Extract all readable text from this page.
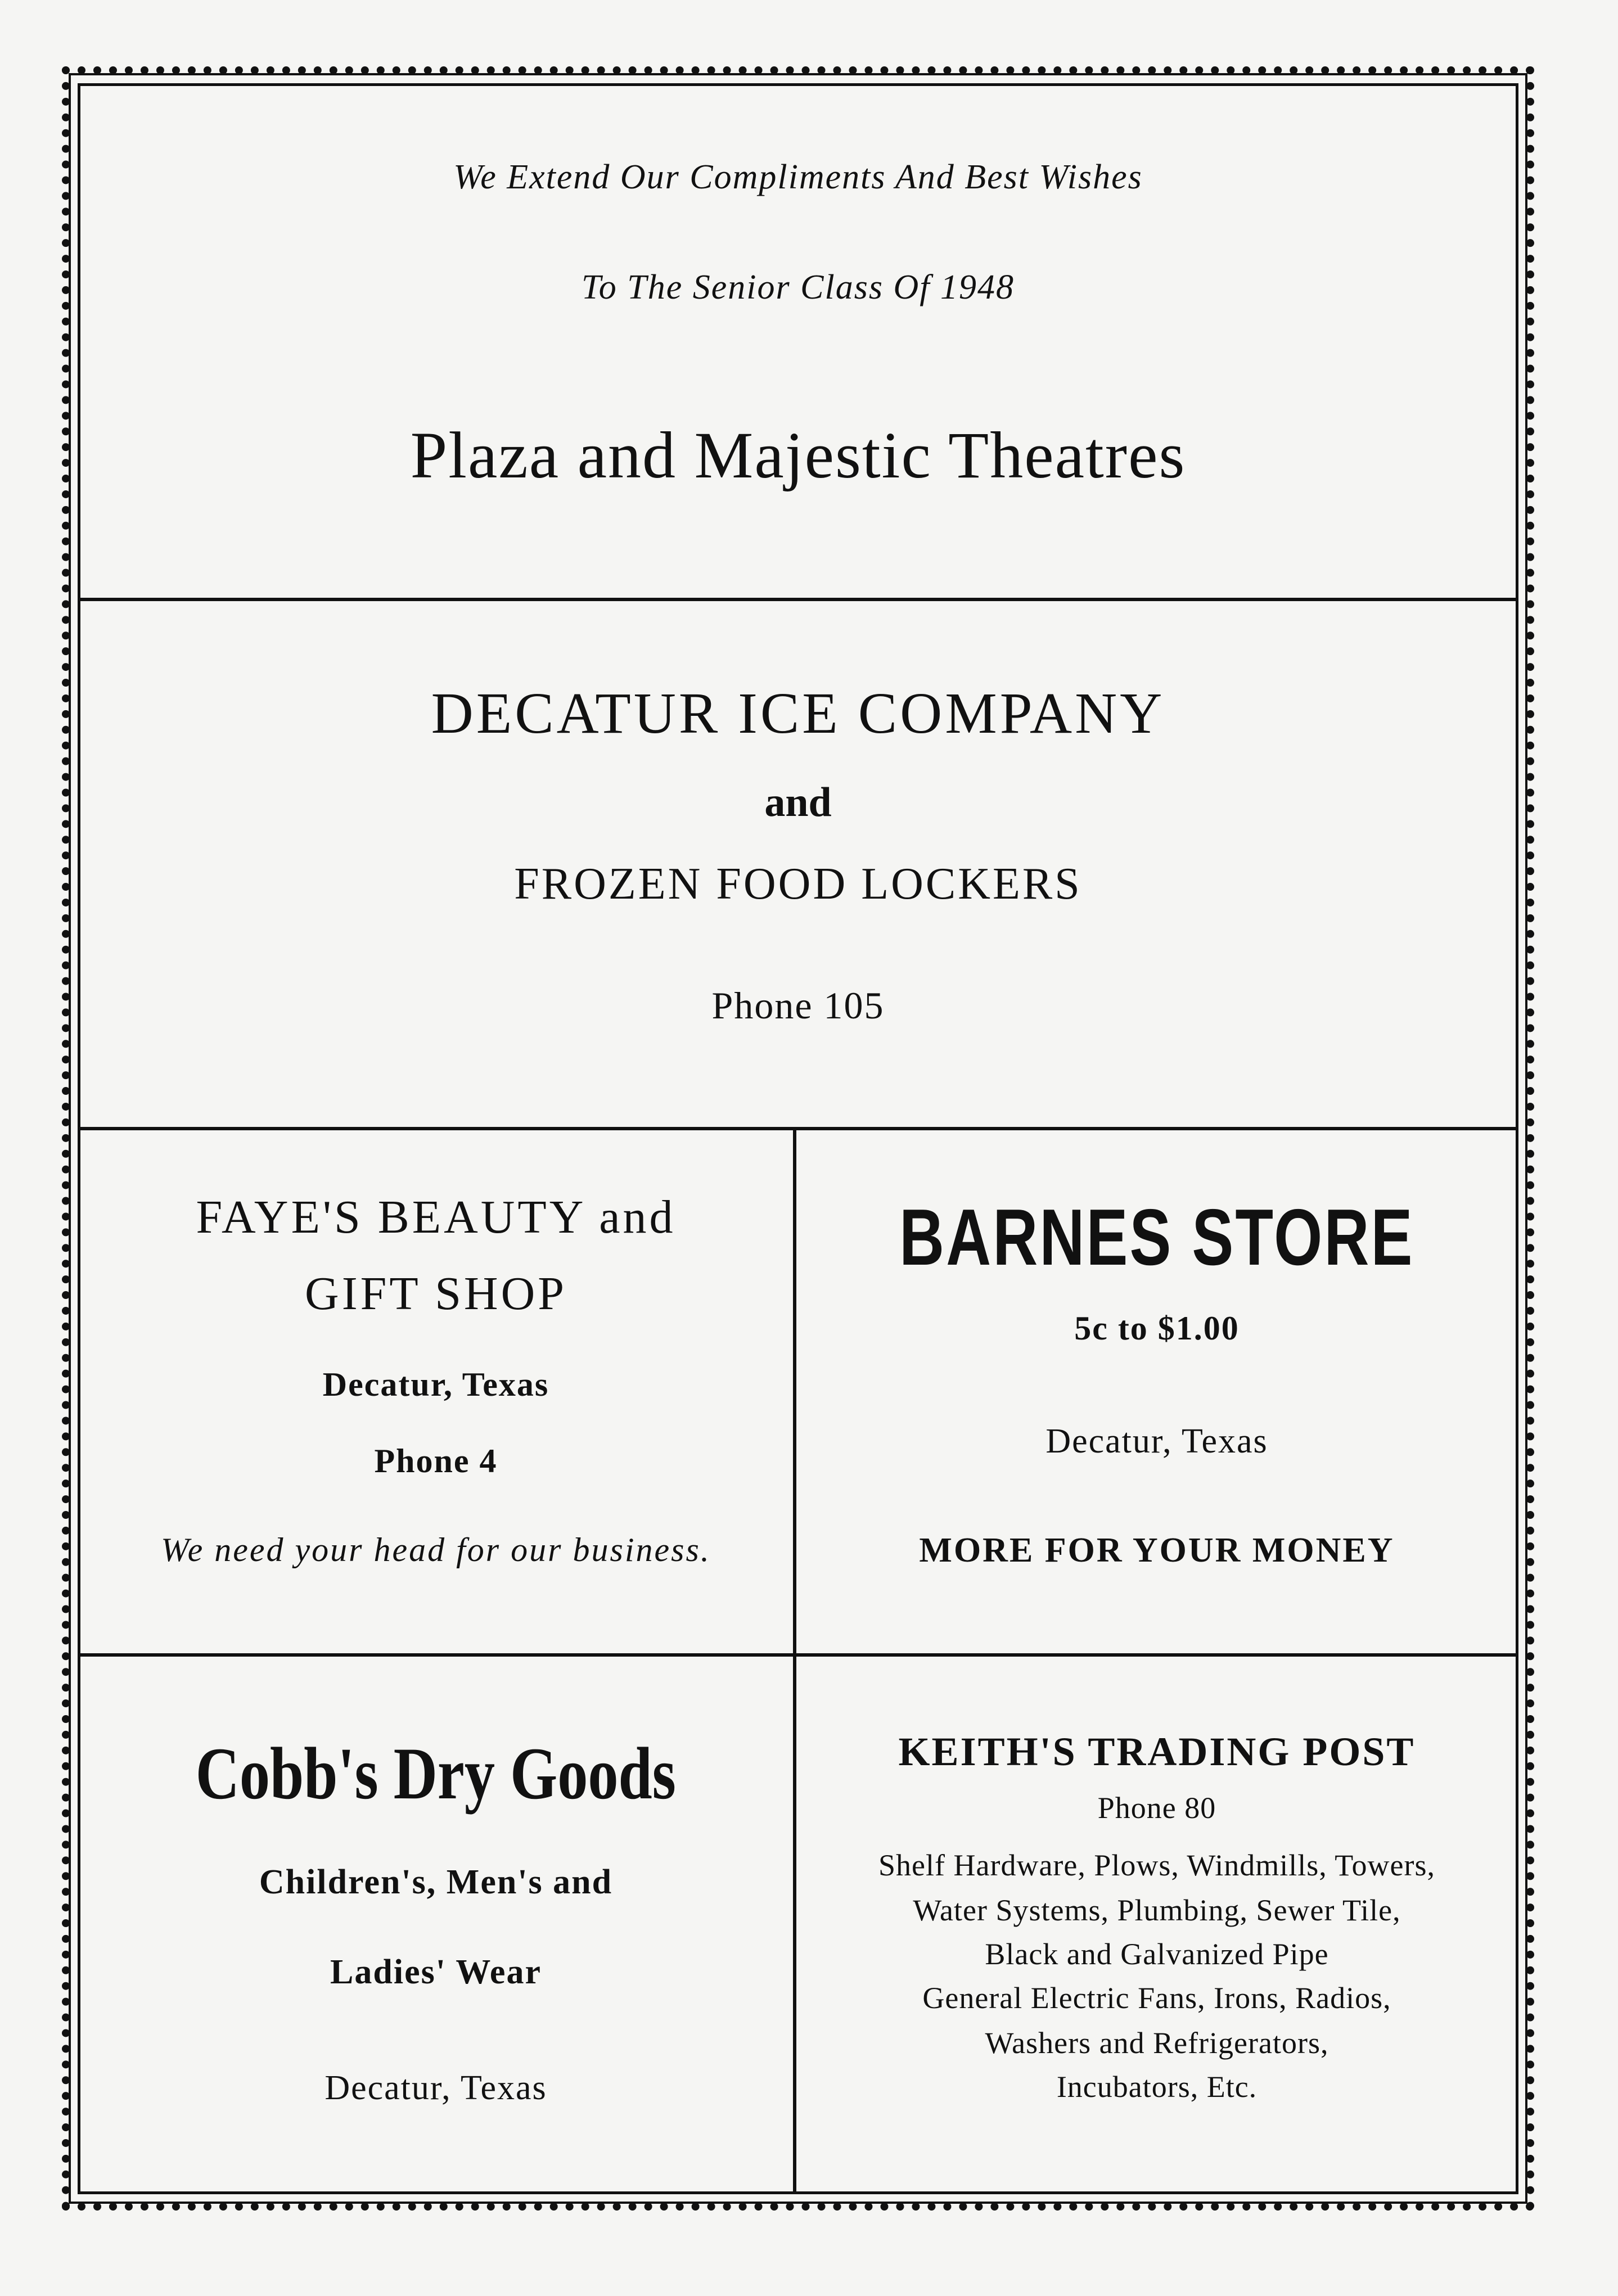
We Extend Our Compliments And Best Wishes
To The Senior Class Of 1948
Plaza and Majestic Theatres
DECATUR ICE COMPANY
and
FROZEN FOOD LOCKERS
Phone 105
FAYE'S BEAUTY and
GIFT SHOP
Decatur, Texas
Phone 4
We need your head for our business.
BARNES STORE
5c to $1.00
Decatur, Texas
MORE FOR YOUR MONEY
Cobb's Dry Goods
Children's, Men's and
Ladies' Wear
Decatur, Texas
KEITH'S TRADING POST
Phone 80
Shelf Hardware, Plows, Windmills, Towers,
Water Systems, Plumbing, Sewer Tile,
Black and Galvanized Pipe
General Electric Fans, Irons, Radios,
Washers and Refrigerators,
Incubators, Etc.
